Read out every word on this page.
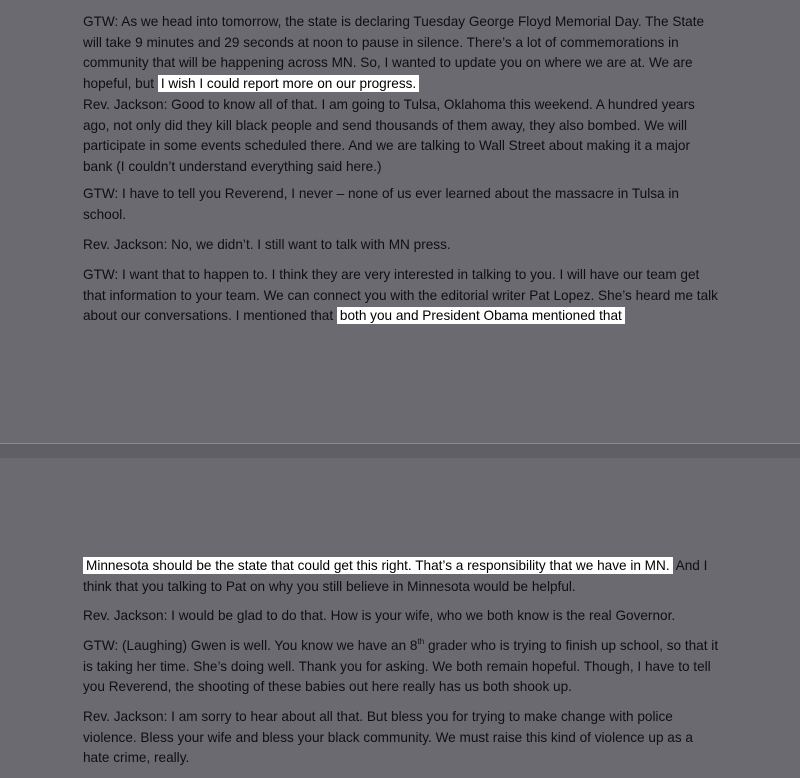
GTW: As we head into tomorrow, the state is declaring Tuesday George Floyd Memorial Day. The State will take 9 minutes and 29 seconds at noon to pause in silence. There’s a lot of commemorations in community that will be happening across MN. So, I wanted to update you on where we are at. We are hopeful, but I wish I could report more on our progress.

Rev. Jackson: Good to know all of that. I am going to Tulsa, Oklahoma this weekend. A hundred years ago, not only did they kill black people and send thousands of them away, they also bombed. We will participate in some events scheduled there. And we are talking to Wall Street about making it a major bank (I couldn’t understand everything said here.)

GTW: I have to tell you Reverend, I never – none of us ever learned about the massacre in Tulsa in school.

Rev. Jackson: No, we didn’t. I still want to talk with MN press.

GTW: I want that to happen to. I think they are very interested in talking to you. I will have our team get that information to your team. We can connect you with the editorial writer Pat Lopez. She’s heard me talk about our conversations. I mentioned that both you and President Obama mentioned that

Minnesota should be the state that could get this right. That’s a responsibility that we have in MN. And I think that you talking to Pat on why you still believe in Minnesota would be helpful.

Rev. Jackson: I would be glad to do that. How is your wife, who we both know is the real Governor.

GTW: (Laughing) Gwen is well. You know we have an 8th grader who is trying to finish up school, so that it is taking her time. She’s doing well. Thank you for asking. We both remain hopeful. Though, I have to tell you Reverend, the shooting of these babies out here really has us both shook up.

Rev. Jackson: I am sorry to hear about all that. But bless you for trying to make change with police violence. Bless your wife and bless your black community. We must raise this kind of violence up as a hate crime, really.
